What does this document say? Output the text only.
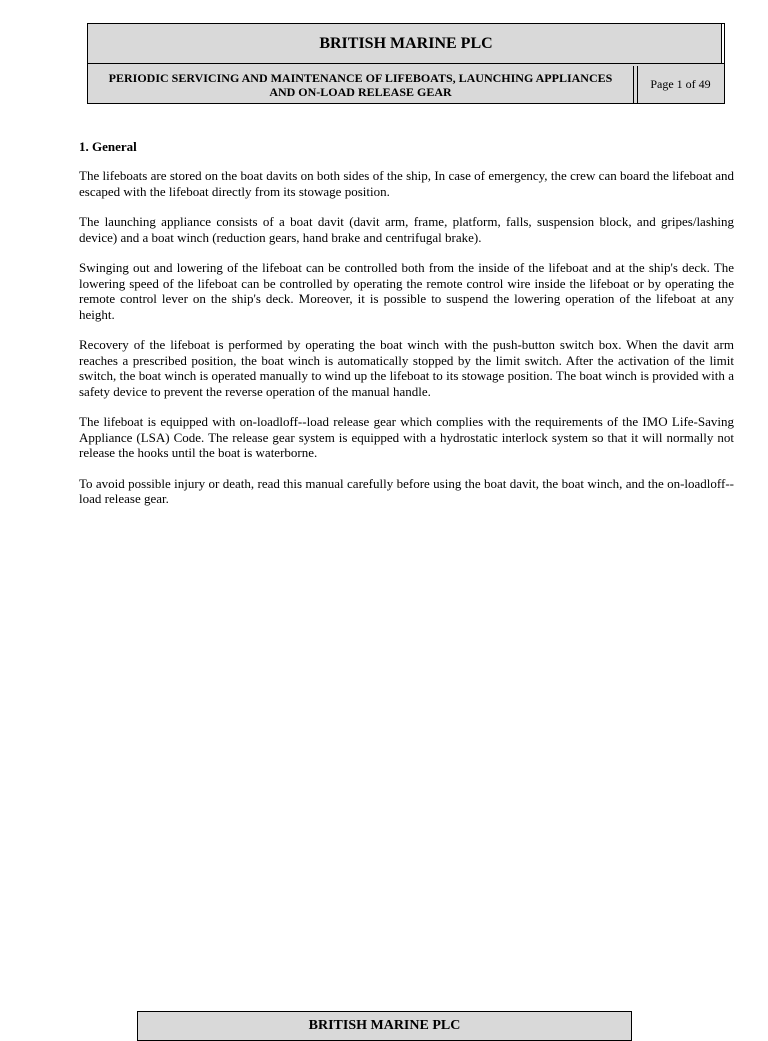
BRITISH MARINE PLC
PERIODIC SERVICING AND MAINTENANCE OF LIFEBOATS, LAUNCHING APPLIANCES AND ON-LOAD RELEASE GEAR
Page 1 of 49
1. General

The lifeboats are stored on the boat davits on both sides of the ship, In case of emergency, the crew can board the lifeboat and escaped with the lifeboat directly from its stowage position.

The launching appliance consists of a boat davit (davit arm, frame, platform, falls, suspension block, and gripes/lashing device) and a boat winch (reduction gears, hand brake and centrifugal brake).

Swinging out and lowering of the lifeboat can be controlled both from the inside of the lifeboat and at the ship's deck. The lowering speed of the lifeboat can be controlled by operating the remote control wire inside the lifeboat or by operating the remote control lever on the ship's deck. Moreover, it is possible to suspend the lowering operation of the lifeboat at any height.

Recovery of the lifeboat is performed by operating the boat winch with the push-button switch box. When the davit arm reaches a prescribed position, the boat winch is automatically stopped by the limit switch. After the activation of the limit switch, the boat winch is operated manually to wind up the lifeboat to its stowage position. The boat winch is provided with a safety device to prevent the reverse operation of the manual handle.

The lifeboat is equipped with on-loadloff--load release gear which complies with the requirements of the IMO Life-Saving Appliance (LSA) Code. The release gear system is equipped with a hydrostatic interlock system so that it will normally not release the hooks until the boat is waterborne.

To avoid possible injury or death, read this manual carefully before using the boat davit, the boat winch, and the on-loadloff--load release gear.

BRITISH MARINE PLC
